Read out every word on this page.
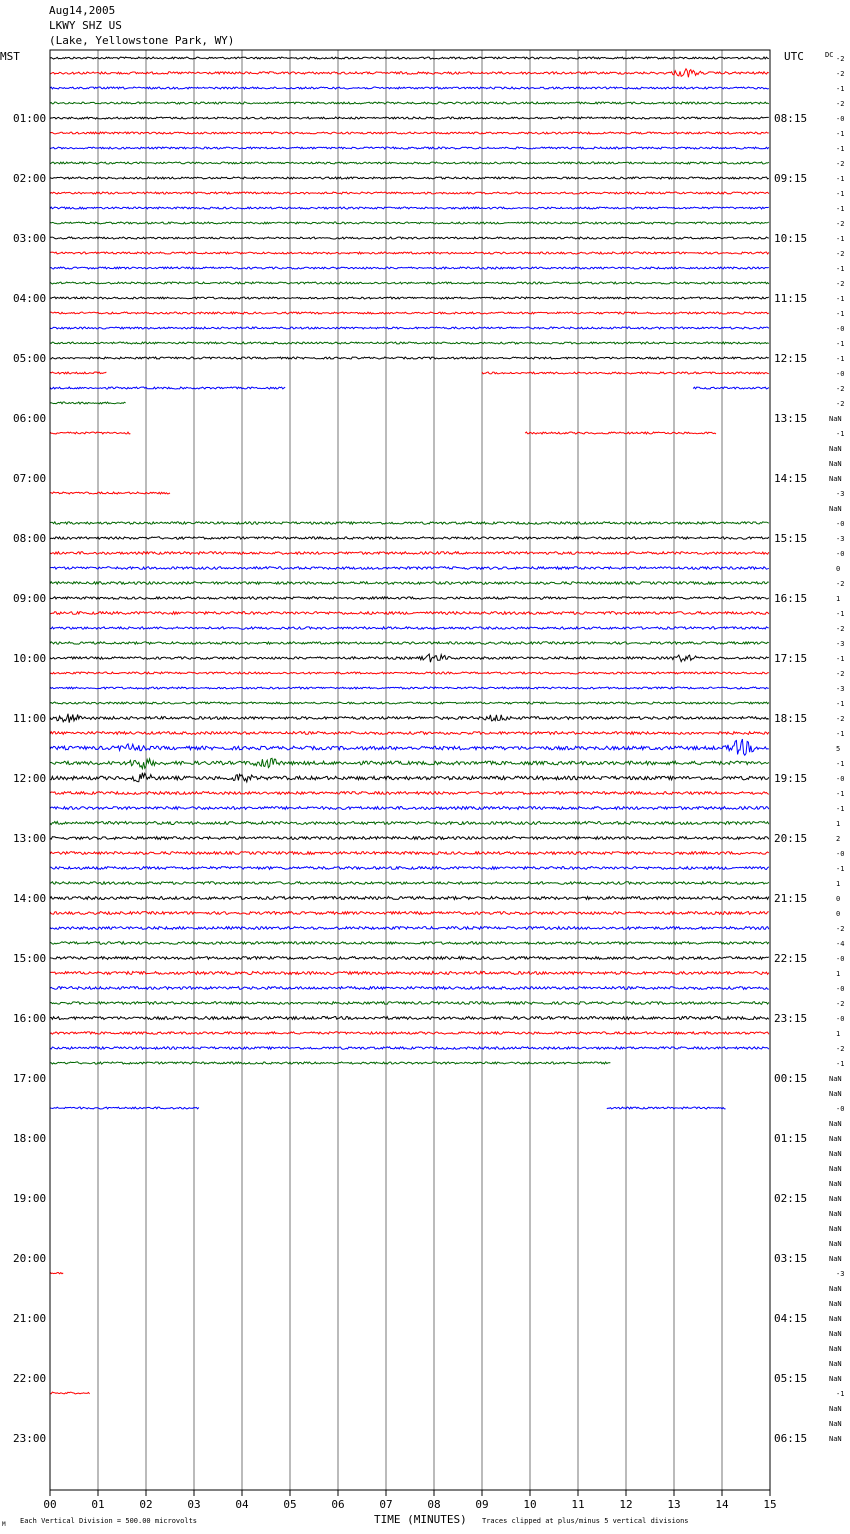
00	01	02	03	04	05	06	07	08	09	10	11	12	13	14	15
01:00	08:15
02:00	09:15
03:00	10:15
04:00	11:15
05:00	12:15
06:00	13:15
07:00	14:15
08:00	15:15
09:00	16:15
10:00	17:15
11:00	18:15
12:00	19:15
13:00	20:15
14:00	21:15
15:00	22:15
16:00	23:15
17:00	00:15
18:00	01:15
19:00	02:15
20:00	03:15
21:00	04:15
22:00	05:15
23:00	06:15
-2
-2
-1
-2
-0
-1
-1
-2
-1
-1
-1
-2
-1
-2
-1
-2
-1
-1
-0
-1
-1
-0
-2
-2
NaN
-1
NaN
NaN
NaN
-3
NaN
-0
-3
-0
0
-2
1
-1
-2
-3
-1
-2
-3
-1
-2
-1
5
-1
-0
-1
-1
1
2
-0
-1
1
0
0
-2
-4
-0
1
-0
-2
-0
1
-2
-1
NaN
NaN
-0
NaN
NaN
NaN
NaN
NaN
NaN
NaN
NaN
NaN
NaN
-3
NaN
NaN
NaN
NaN
NaN
NaN
NaN
-1
NaN
NaN
NaN
MST	UTC	DC
TIME (MINUTES)
Each Vertical Division = 500.00 microvolts	Traces clipped at plus/minus 5 vertical divisions
M
Aug14,2005
LKWY SHZ US
(Lake, Yellowstone Park, WY)
